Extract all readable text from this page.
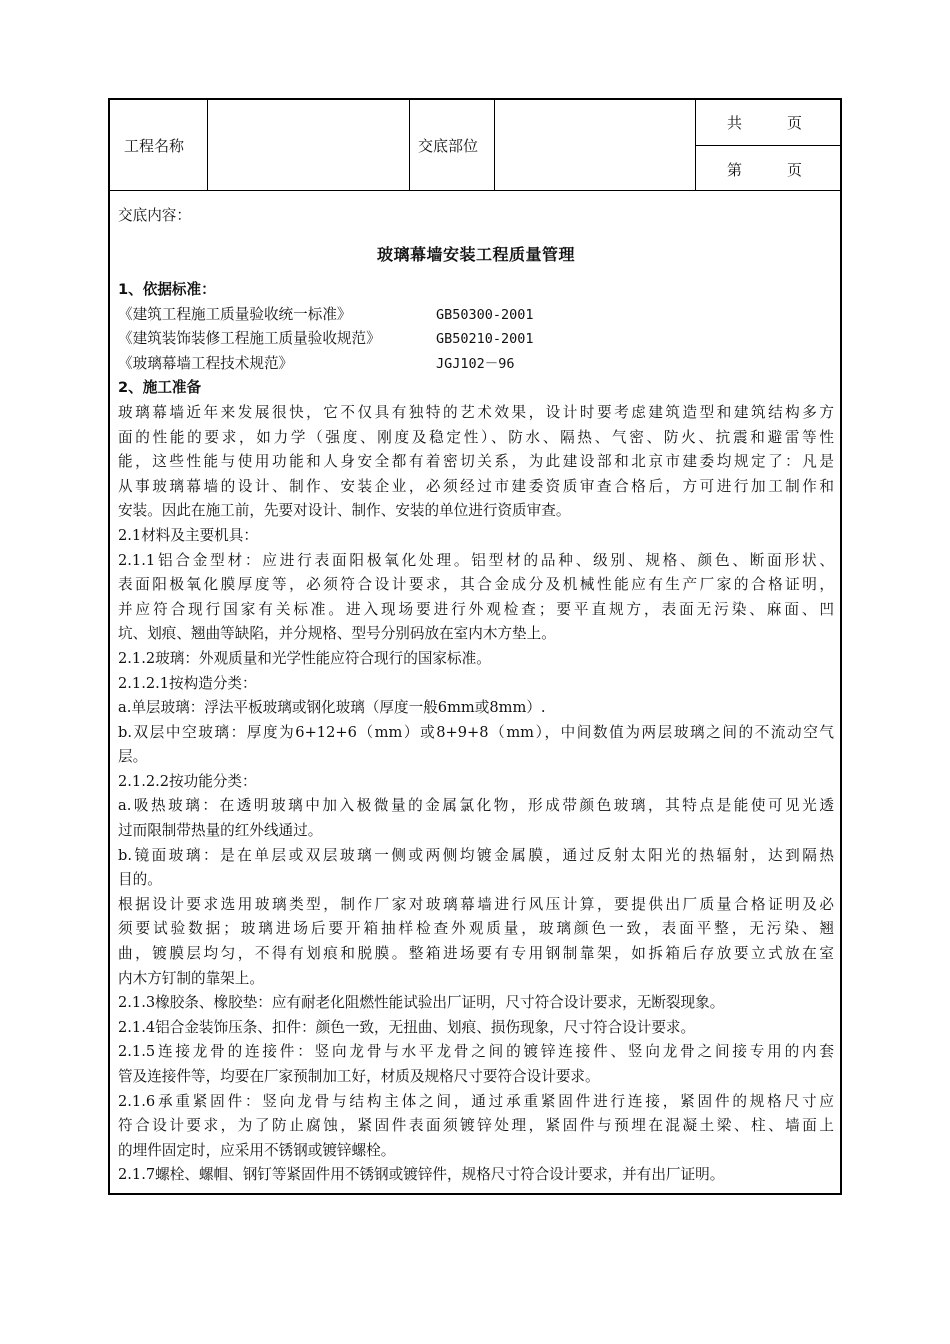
工程名称	交底部位
共　　　页
第　　　页
交底内容：
玻璃幕墙安装工程质量管理
1、依据标准：
《建筑工程施工质量验收统一标准》	GB50300-2001
《建筑装饰装修工程施工质量验收规范》	GB50210-2001
《玻璃幕墙工程技术规范》	JGJ102－96
2、施工准备
玻璃幕墙近年来发展很快，它不仅具有独特的艺术效果，设计时要考虑建筑造型和建筑结构多方
面的性能的要求，如力学（强度、刚度及稳定性）、防水、隔热、气密、防火、抗震和避雷等性
能，这些性能与使用功能和人身安全都有着密切关系，为此建设部和北京市建委均规定了：凡是
从事玻璃幕墙的设计、制作、安装企业，必须经过市建委资质审查合格后，方可进行加工制作和
安装。因此在施工前，先要对设计、制作、安装的单位进行资质审查。
2.1材料及主要机具：
2.1.1铝合金型材：应进行表面阳极氧化处理。铝型材的品种、级别、规格、颜色、断面形状、
表面阳极氧化膜厚度等，必须符合设计要求，其合金成分及机械性能应有生产厂家的合格证明，
并应符合现行国家有关标准。进入现场要进行外观检查；要平直规方，表面无污染、麻面、凹
坑、划痕、翘曲等缺陷，并分规格、型号分别码放在室内木方垫上。
2.1.2玻璃：外观质量和光学性能应符合现行的国家标准。
2.1.2.1按构造分类：
a.单层玻璃：浮法平板玻璃或钢化玻璃（厚度一般6mm或8mm）.
b.双层中空玻璃：厚度为6+12+6（mm）或8+9+8（mm），中间数值为两层玻璃之间的不流动空气
层。
2.1.2.2按功能分类：
a.吸热玻璃：在透明玻璃中加入极微量的金属氯化物，形成带颜色玻璃，其特点是能使可见光透
过而限制带热量的红外线通过。
b.镜面玻璃：是在单层或双层玻璃一侧或两侧均镀金属膜，通过反射太阳光的热辐射，达到隔热
目的。
根据设计要求选用玻璃类型，制作厂家对玻璃幕墙进行风压计算，要提供出厂质量合格证明及必
须要试验数据；玻璃进场后要开箱抽样检查外观质量，玻璃颜色一致，表面平整，无污染、翘
曲，镀膜层均匀，不得有划痕和脱膜。整箱进场要有专用钢制靠架，如拆箱后存放要立式放在室
内木方钉制的靠架上。
2.1.3橡胶条、橡胶垫：应有耐老化阻燃性能试验出厂证明，尺寸符合设计要求，无断裂现象。
2.1.4铝合金装饰压条、扣件：颜色一致，无扭曲、划痕、损伤现象，尺寸符合设计要求。
2.1.5连接龙骨的连接件：竖向龙骨与水平龙骨之间的镀锌连接件、竖向龙骨之间接专用的内套
管及连接件等，均要在厂家预制加工好，材质及规格尺寸要符合设计要求。
2.1.6承重紧固件：竖向龙骨与结构主体之间，通过承重紧固件进行连接，紧固件的规格尺寸应
符合设计要求，为了防止腐蚀，紧固件表面须镀锌处理，紧固件与预埋在混凝土梁、柱、墙面上
的埋件固定时，应采用不锈钢或镀锌螺栓。
2.1.7螺栓、螺帽、钢钉等紧固件用不锈钢或镀锌件，规格尺寸符合设计要求，并有出厂证明。
